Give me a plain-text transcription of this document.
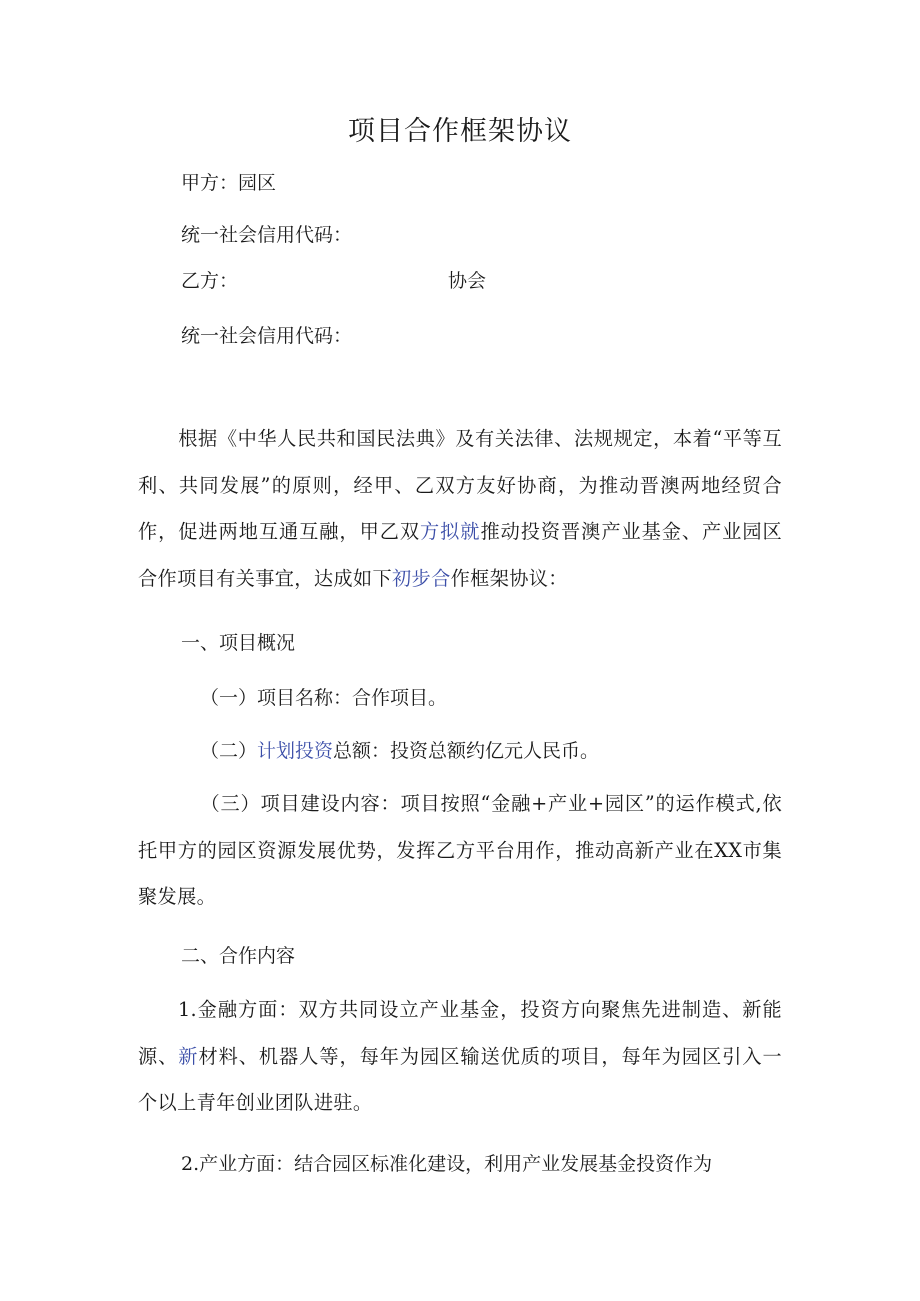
项目合作框架协议
甲方：园区
统一社会信用代码：
乙方：	协会
统一社会信用代码：
根据《中华人民共和国民法典》及有关法律、法规规定，本着“平等互利、共同发展”的原则，经甲、乙双方友好协商，为推动晋澳两地经贸合作，促进两地互通互融，甲乙双方拟就推动投资晋澳产业基金、产业园区合作项目有关事宜，达成如下初步合作框架协议：
一、项目概况
（一）项目名称：合作项目。
（二）计划投资总额：投资总额约亿元人民币。
（三）项目建设内容：项目按照“金融+产业+园区”的运作模式,依托甲方的园区资源发展优势，发挥乙方平台用作，推动高新产业在XX市集聚发展。
二、合作内容
1.金融方面：双方共同设立产业基金，投资方向聚焦先进制造、新能源、新材料、机器人等，每年为园区输送优质的项目，每年为园区引入一个以上青年创业团队进驻。
2.产业方面：结合园区标准化建设，利用产业发展基金投资作为
